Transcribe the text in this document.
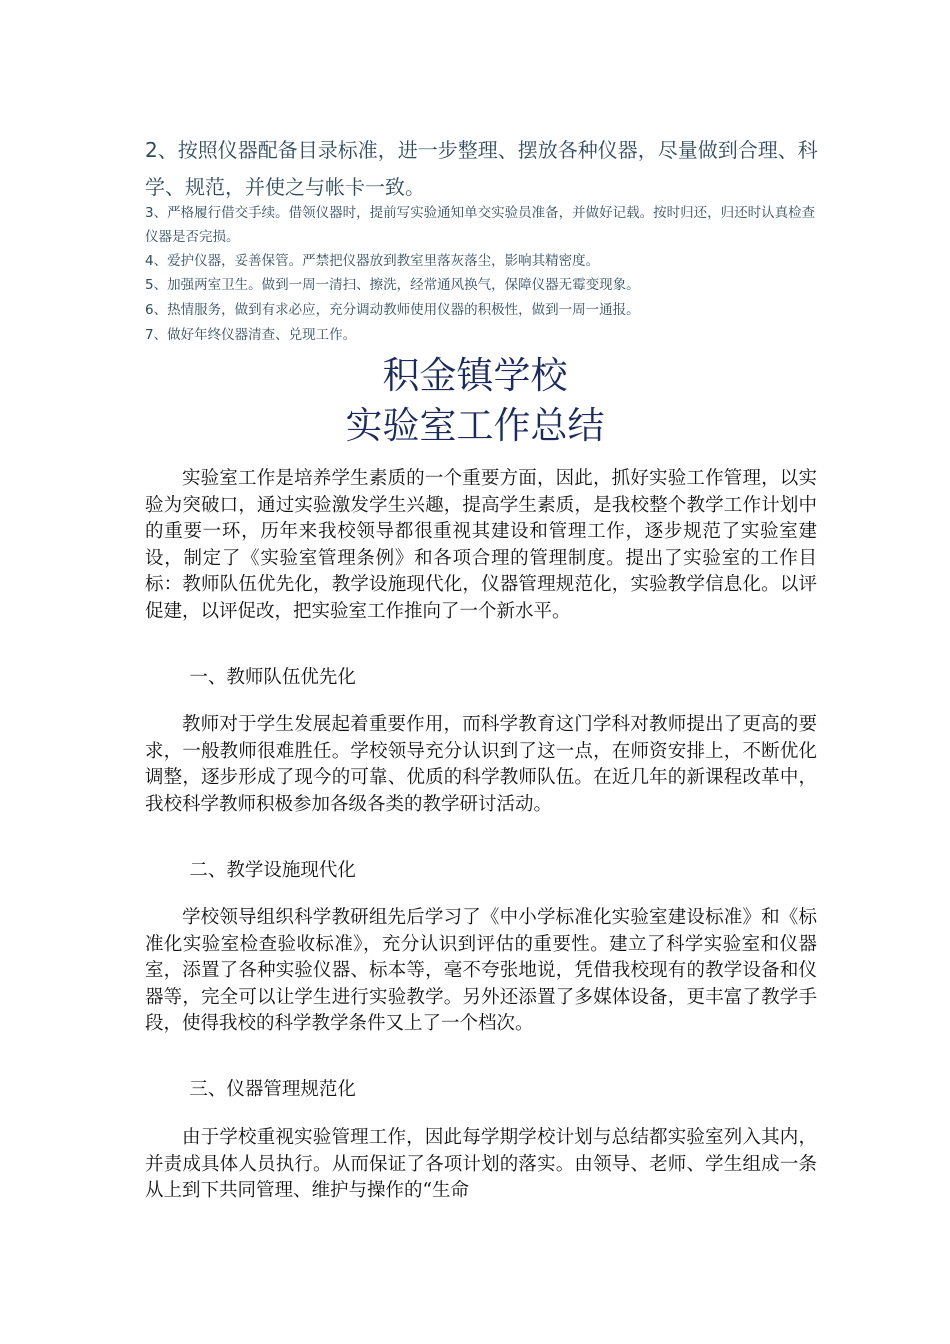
2、按照仪器配备目录标准，进一步整理、摆放各种仪器，尽量做到合理、科学、规范，并使之与帐卡一致。
3、严格履行借交手续。借领仪器时，提前写实验通知单交实验员准备，并做好记载。按时归还，归还时认真检查仪器是否完损。
4、爱护仪器，妥善保管。严禁把仪器放到教室里落灰落尘，影响其精密度。
5、加强两室卫生。做到一周一清扫、擦洗，经常通风换气，保障仪器无霉变现象。
6、热情服务，做到有求必应，充分调动教师使用仪器的积极性，做到一周一通报。
7、做好年终仪器清查、兑现工作。
积金镇学校
实验室工作总结
实验室工作是培养学生素质的一个重要方面，因此，抓好实验工作管理，以实验为突破口，通过实验激发学生兴趣，提高学生素质，是我校整个教学工作计划中的重要一环，历年来我校领导都很重视其建设和管理工作，逐步规范了实验室建设，制定了《实验室管理条例》和各项合理的管理制度。提出了实验室的工作目标：教师队伍优先化，教学设施现代化，仪器管理规范化，实验教学信息化。以评促建，以评促改，把实验室工作推向了一个新水平。
一、教师队伍优先化
教师对于学生发展起着重要作用，而科学教育这门学科对教师提出了更高的要求，一般教师很难胜任。学校领导充分认识到了这一点，在师资安排上，不断优化调整，逐步形成了现今的可靠、优质的科学教师队伍。在近几年的新课程改革中，我校科学教师积极参加各级各类的教学研讨活动。
二、教学设施现代化
学校领导组织科学教研组先后学习了《中小学标准化实验室建设标准》和《标准化实验室检查验收标准》，充分认识到评估的重要性。建立了科学实验室和仪器室，添置了各种实验仪器、标本等，毫不夸张地说，凭借我校现有的教学设备和仪器等，完全可以让学生进行实验教学。另外还添置了多媒体设备，更丰富了教学手段，使得我校的科学教学条件又上了一个档次。
三、仪器管理规范化
由于学校重视实验管理工作，因此每学期学校计划与总结都实验室列入其内，并责成具体人员执行。从而保证了各项计划的落实。由领导、老师、学生组成一条从上到下共同管理、维护与操作的“生命
